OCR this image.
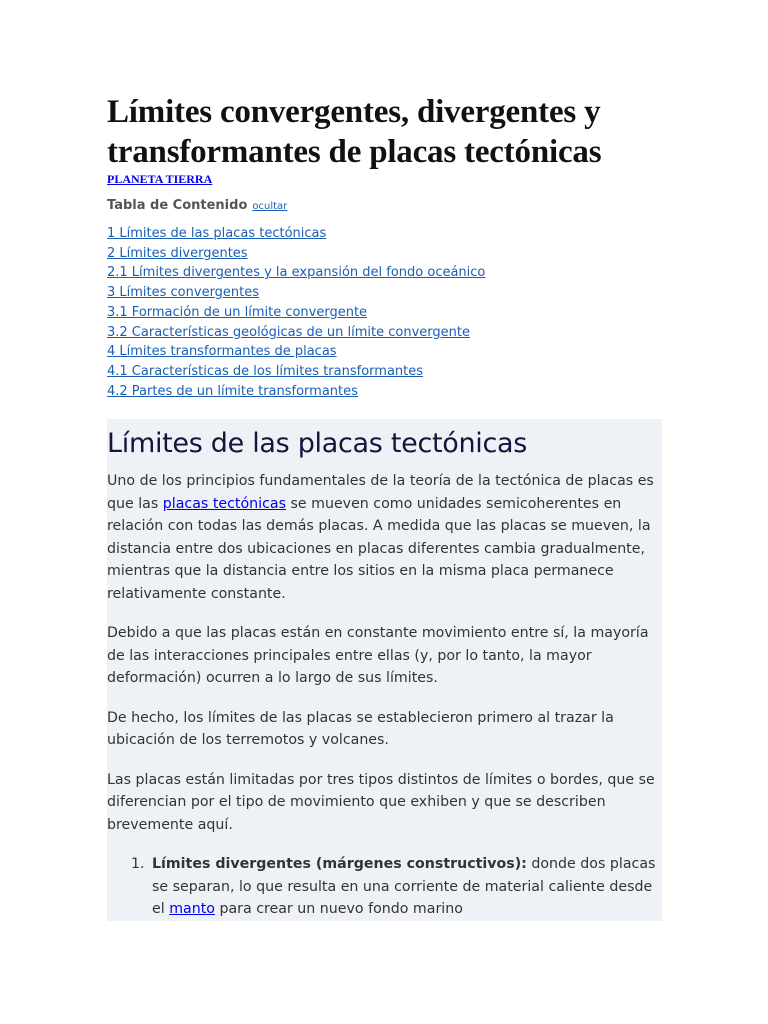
Límites convergentes, divergentes y transformantes de placas tectónicas
PLANETA TIERRA
Tabla de Contenido ocultar
1 Límites de las placas tectónicas
2 Límites divergentes
2.1 Límites divergentes y la expansión del fondo oceánico
3 Límites convergentes
3.1 Formación de un límite convergente
3.2 Características geológicas de un límite convergente
4 Límites transformantes de placas
4.1 Características de los límites transformantes
4.2 Partes de un límite transformantes
Límites de las placas tectónicas

Uno de los principios fundamentales de la teoría de la tectónica de placas es que las placas tectónicas se mueven como unidades semicoherentes en relación con todas las demás placas. A medida que las placas se mueven, la distancia entre dos ubicaciones en placas diferentes cambia gradualmente, mientras que la distancia entre los sitios en la misma placa permanece relativamente constante.

Debido a que las placas están en constante movimiento entre sí, la mayoría de las interacciones principales entre ellas (y, por lo tanto, la mayor deformación) ocurren a lo largo de sus límites.

De hecho, los límites de las placas se establecieron primero al trazar la ubicación de los terremotos y volcanes.

Las placas están limitadas por tres tipos distintos de límites o bordes, que se diferencian por el tipo de movimiento que exhiben y que se describen brevemente aquí.

1. Límites divergentes (márgenes constructivos): donde dos placas se separan, lo que resulta en una corriente de material caliente desde el manto para crear un nuevo fondo marino
